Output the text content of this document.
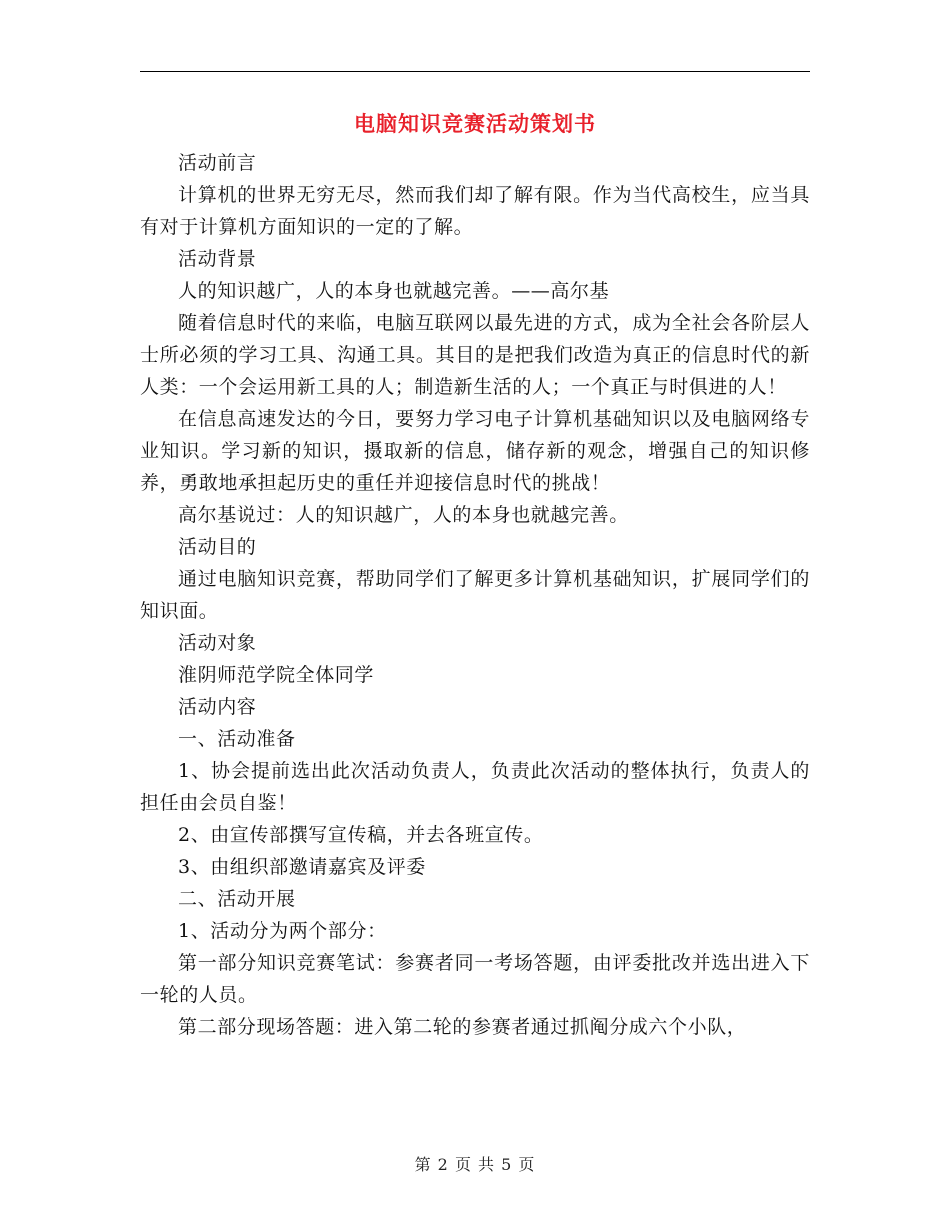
电脑知识竞赛活动策划书

活动前言

计算机的世界无穷无尽，然而我们却了解有限。作为当代高校生，应当具有对于计算机方面知识的一定的了解。

活动背景

人的知识越广，人的本身也就越完善。——高尔基

随着信息时代的来临，电脑互联网以最先进的方式，成为全社会各阶层人士所必须的学习工具、沟通工具。其目的是把我们改造为真正的信息时代的新人类：一个会运用新工具的人；制造新生活的人；一个真正与时俱进的人！

在信息高速发达的今日，要努力学习电子计算机基础知识以及电脑网络专业知识。学习新的知识，摄取新的信息，储存新的观念，增强自己的知识修养，勇敢地承担起历史的重任并迎接信息时代的挑战！

高尔基说过：人的知识越广，人的本身也就越完善。

活动目的

通过电脑知识竞赛，帮助同学们了解更多计算机基础知识，扩展同学们的知识面。

活动对象

淮阴师范学院全体同学

活动内容

一、活动准备

1、协会提前选出此次活动负责人，负责此次活动的整体执行，负责人的担任由会员自鉴！

2、由宣传部撰写宣传稿，并去各班宣传。

3、由组织部邀请嘉宾及评委

二、活动开展

1、活动分为两个部分：

第一部分知识竞赛笔试：参赛者同一考场答题，由评委批改并选出进入下一轮的人员。

第二部分现场答题：进入第二轮的参赛者通过抓阄分成六个小队，

第 2 页 共 5 页
